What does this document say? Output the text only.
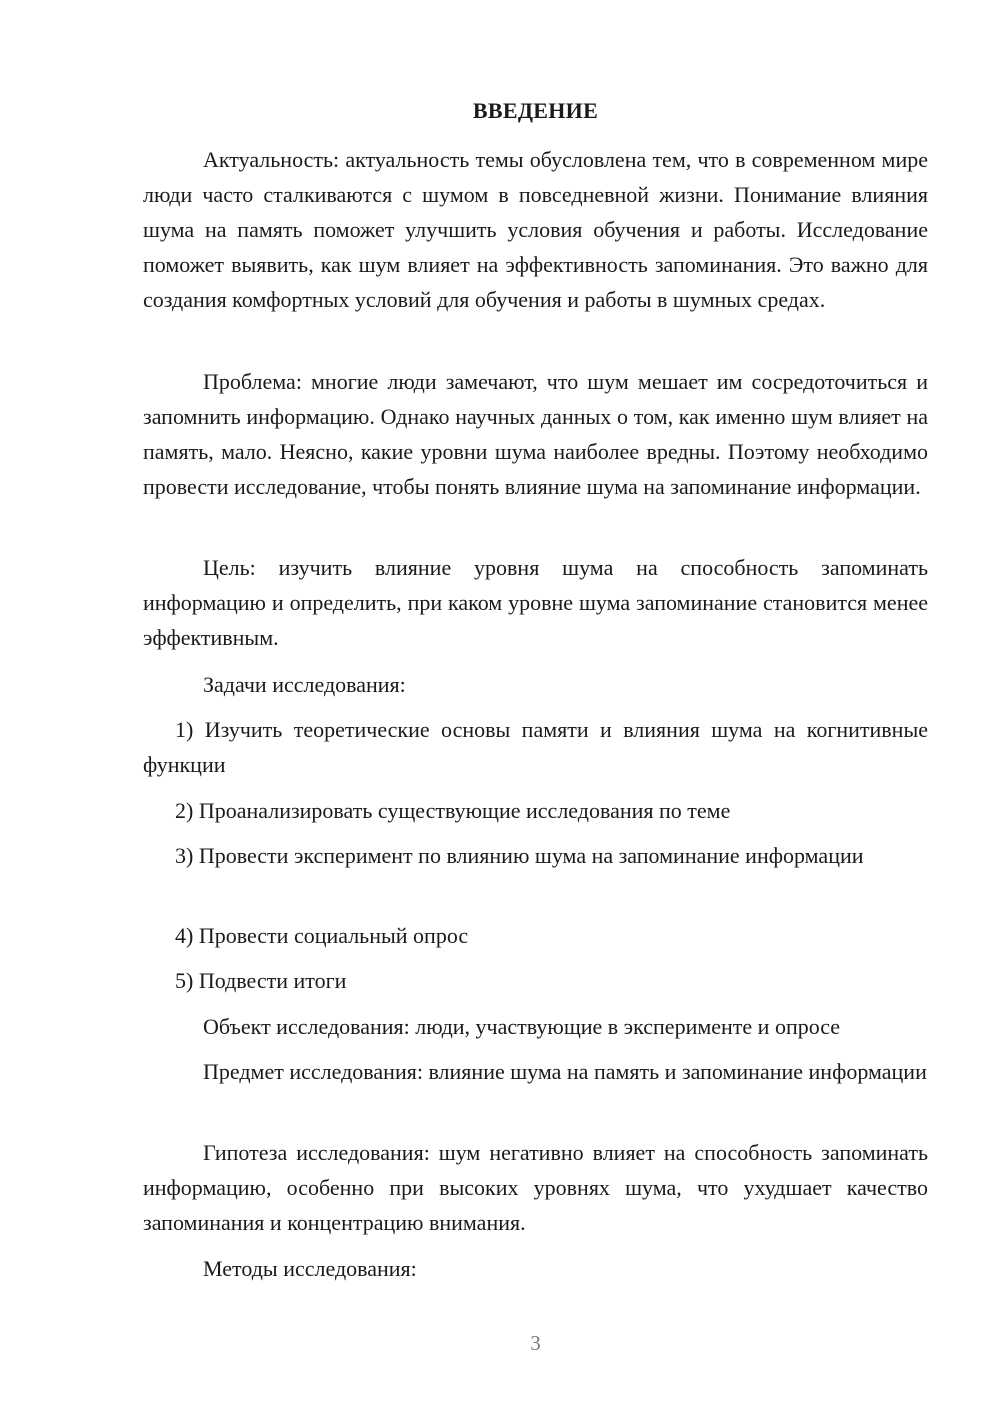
ВВЕДЕНИЕ

Актуальность: актуальность темы обусловлена тем, что в современном мире люди часто сталкиваются с шумом в повседневной жизни. Понимание влияния шума на память поможет улучшить условия обучения и работы. Исследование поможет выявить, как шум влияет на эффективность запоминания. Это важно для создания комфортных условий для обучения и работы в шумных средах.

Проблема: многие люди замечают, что шум мешает им сосредоточиться и запомнить информацию. Однако научных данных о том, как именно шум влияет на память, мало. Неясно, какие уровни шума наиболее вредны. Поэтому необходимо провести исследование, чтобы понять влияние шума на запоминание информации.

Цель: изучить влияние уровня шума на способность запоминать информацию и определить, при каком уровне шума запоминание становится менее эффективным.

Задачи исследования:

1) Изучить теоретические основы памяти и влияния шума на когнитивные функции

2) Проанализировать существующие исследования по теме

3) Провести эксперимент по влиянию шума на запоминание информации

4) Провести социальный опрос

5) Подвести итоги

Объект исследования: люди, участвующие в эксперименте и опросе

Предмет исследования: влияние шума на память и запоминание информации

Гипотеза исследования: шум негативно влияет на способность запоминать информацию, особенно при высоких уровнях шума, что ухудшает качество запоминания и концентрацию внимания.

Методы исследования:

3
